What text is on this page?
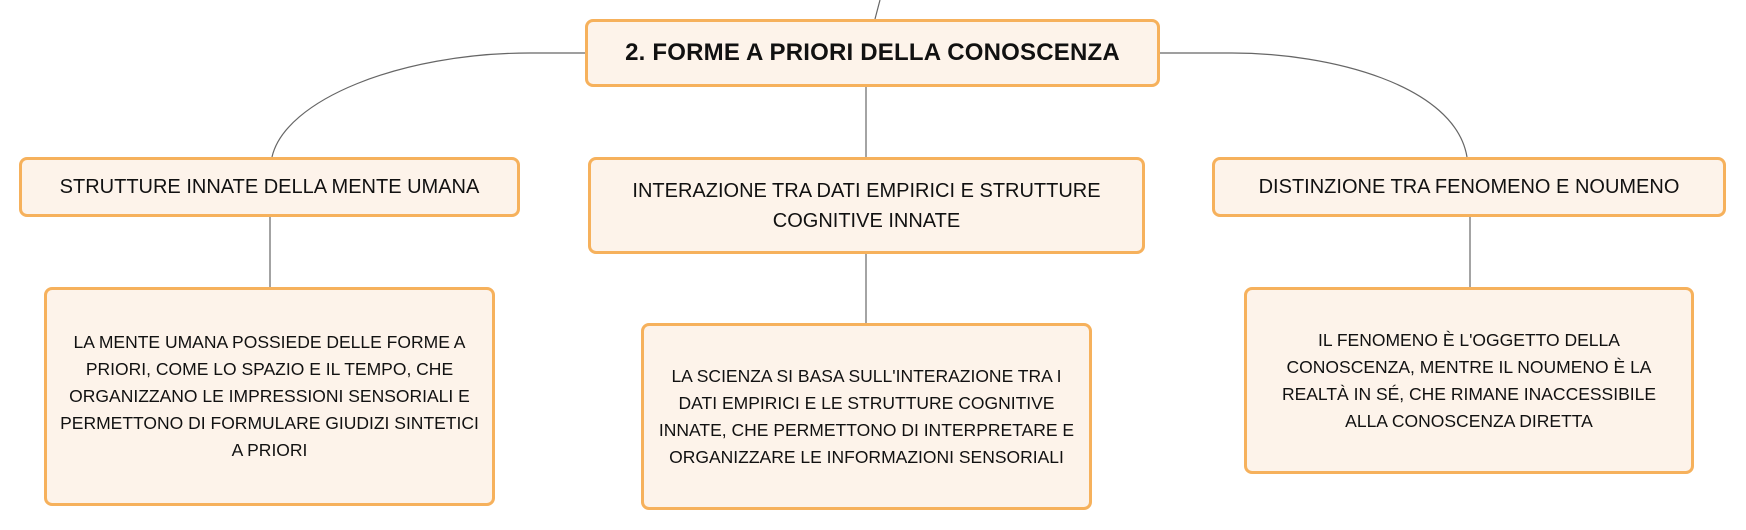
2. FORME A PRIORI DELLA CONOSCENZA
STRUTTURE INNATE DELLA MENTE UMANA	INTERAZIONE TRA DATI EMPIRICI E STRUTTURE COGNITIVE INNATE
DISTINZIONE TRA FENOMENO E NOUMENO
LA MENTE UMANA POSSIEDE DELLE FORME A PRIORI, COME LO SPAZIO E IL TEMPO, CHE ORGANIZZANO LE IMPRESSIONI SENSORIALI E PERMETTONO DI FORMULARE GIUDIZI SINTETICI A PRIORI
LA SCIENZA SI BASA SULL'INTERAZIONE TRA I DATI EMPIRICI E LE STRUTTURE COGNITIVE INNATE, CHE PERMETTONO DI INTERPRETARE E ORGANIZZARE LE INFORMAZIONI SENSORIALI
IL FENOMENO È L'OGGETTO DELLA CONOSCENZA, MENTRE IL NOUMENO È LA REALTÀ IN SÉ, CHE RIMANE INACCESSIBILE ALLA CONOSCENZA DIRETTA
